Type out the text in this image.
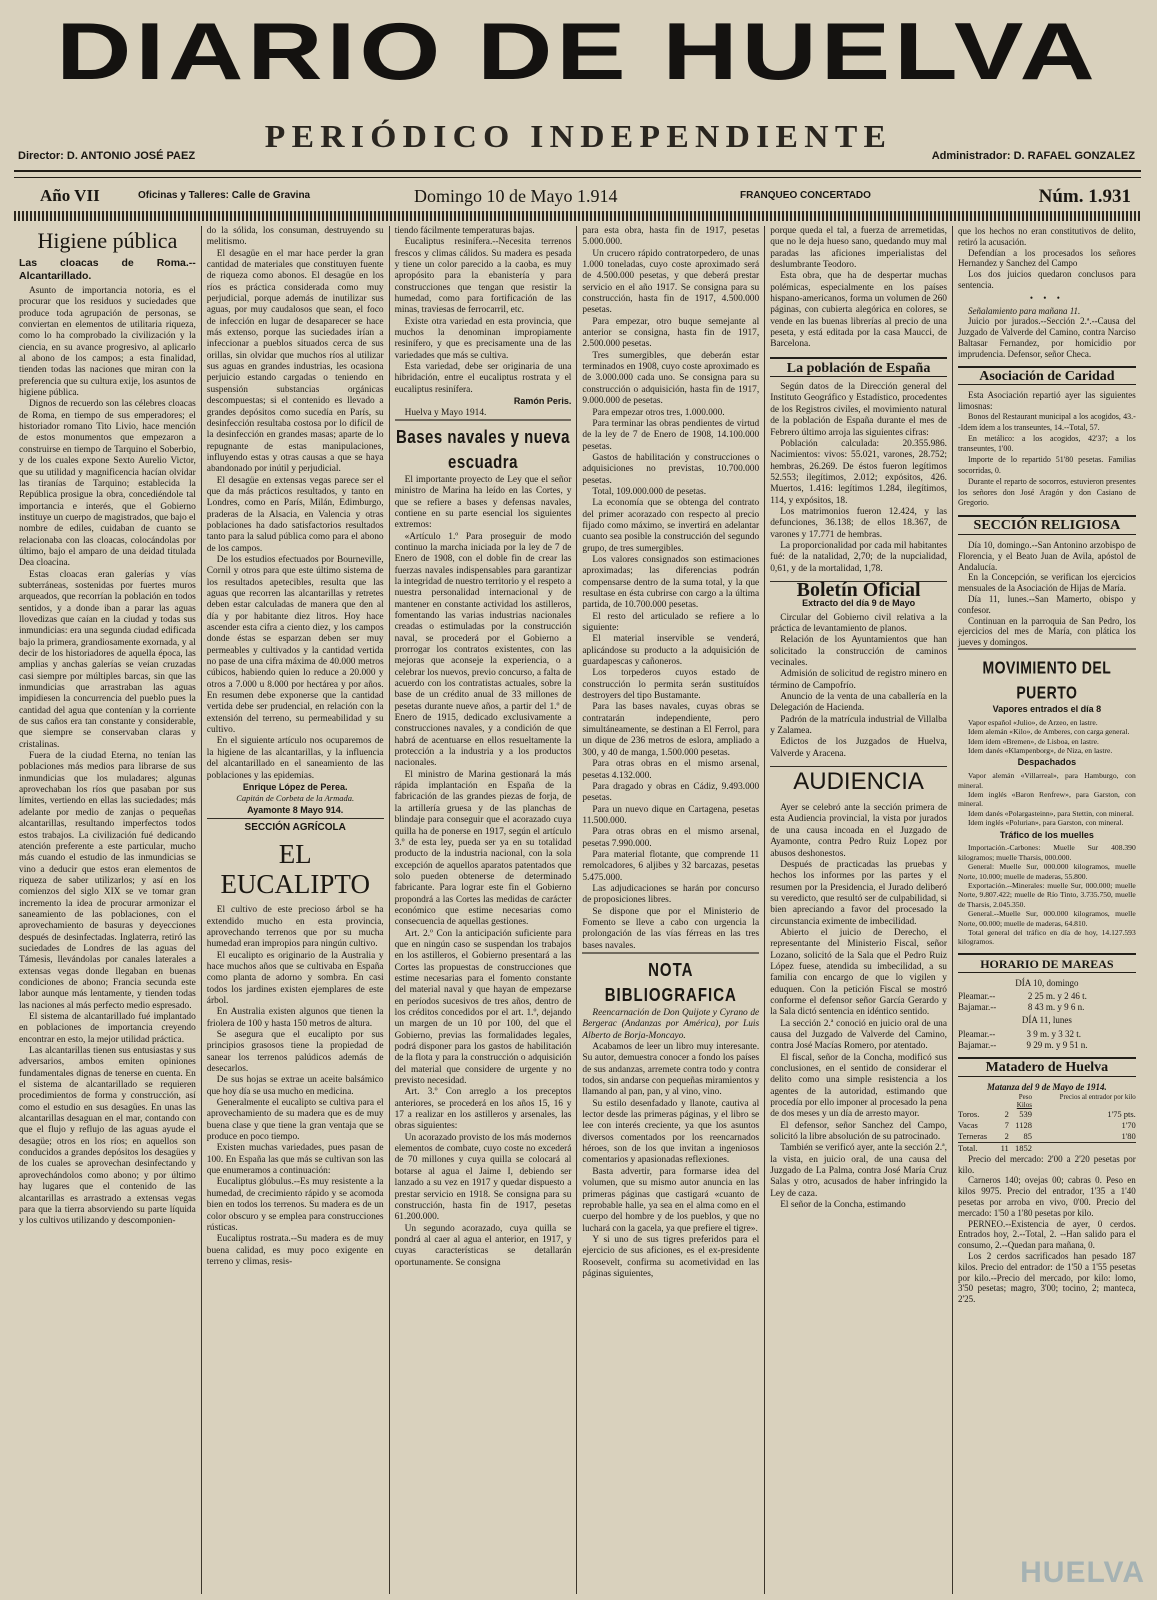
DIARIO DE HUELVA
PERIÓDICO INDEPENDIENTE
Director: D. ANTONIO JOSÉ PAEZ	Administrador: D. RAFAEL GONZALEZ
Año VII	Oficinas y Talleres: Calle de Gravina	Domingo 10 de Mayo 1.914	FRANQUEO CONCERTADO	Núm. 1.931
Higiene pública
Las cloacas de Roma.--Alcantarillado.

Asunto de importancia notoria, es el procurar que los residuos y suciedades que produce toda agrupación de personas, se conviertan en elementos de utilitaria riqueza, como lo ha comprobado la civilización y la ciencia, en su avance progresivo, al aplicarlo al abono de los campos; a esta finalidad, tienden todas las naciones que miran con la preferencia que su cultura exije, los asuntos de higiene pública.

Dignos de recuerdo son las célebres cloacas de Roma, en tiempo de sus emperadores; el historiador romano Tito Livio, hace mención de estos monumentos que empezaron a construirse en tiempo de Tarquino el Soberbio, y de los cuales expone Sexto Aurelio Victor, que su utilidad y magnificencia hacían olvidar las tiranías de Tarquino; establecida la República prosigue la obra, concediéndole tal importancia e interés, que el Gobierno instituye un cuerpo de magistrados, que bajo el nombre de ediles, cuidaban de cuanto se relacionaba con las cloacas, colocándolas por último, bajo el amparo de una deidad titulada Dea cloacina.

Estas cloacas eran galerías y vías subterráneas, sostenidas por fuertes muros arqueados, que recorrían la población en todos sentidos, y a donde iban a parar las aguas llovedizas que caían en la ciudad y todas sus inmundicias: era una segunda ciudad edificada bajo la primera, grandiosamente exornada, y al decir de los historiadores de aquella época, las amplias y anchas galerías se veían cruzadas casi siempre por múltiples barcas, sin que las inmundicias que arrastraban las aguas impidiesen la concurrencia del pueblo pues la cantidad del agua que contenían y la corriente de sus caños era tan constante y considerable, que siempre se conservaban claras y cristalinas.

Fuera de la ciudad Eterna, no tenían las poblaciones más medios para librarse de sus inmundicias que los muladares; algunas aprovechaban los ríos que pasaban por sus límites, vertiendo en ellas las suciedades; más adelante por medio de zanjas o pequeñas alcantarillas, resultando imperfectos todos estos trabajos. La civilización fué dedicando atención preferente a este particular, mucho más cuando el estudio de las inmundicias se vino a deducir que estos eran elementos de riqueza de saber utilizarlos; y así en los comienzos del siglo XIX se ve tomar gran incremento la idea de procurar armonizar el saneamiento de las poblaciones, con el aprovechamiento de basuras y deyecciones después de desinfectadas. Inglaterra, retiró las suciedades de Londres de las aguas del Támesis, llevándolas por canales laterales a extensas vegas donde llegaban en buenas condiciones de abono; Francia secunda este labor aunque más lentamente, y tienden todas las naciones al más perfecto medio espresado.

El sistema de alcantarillado fué implantado en poblaciones de importancia creyendo encontrar en esto, la mejor utilidad práctica.

Las alcantarillas tienen sus entusiastas y sus adversarios, ambos emiten opiniones fundamentales dignas de tenerse en cuenta. En el sistema de alcantarillado se requieren procedimientos de forma y construcción, así como el estudio en sus desagües. En unas las alcantarillas desaguan en el mar, contando con que el flujo y reflujo de las aguas ayude el desagüe; otros en los ríos; en aquellos son conducidos a grandes depósitos los desagües y de los cuales se aprovechan desinfectando y aprovechándolos como abono; y por último hay lugares que el contenido de las alcantarillas es arrastrado a extensas vegas para que la tierra absorviendo su parte líquida y los cultivos utilizando y descomponien-

do la sólida, los consuman, destruyendo su melitismo.

El desagüe en el mar hace perder la gran cantidad de materiales que constituyen fuente de riqueza como abonos. El desagüe en los ríos es práctica considerada como muy perjudicial, porque además de inutilizar sus aguas, por muy caudalosos que sean, el foco de infección en lugar de desaparecer se hace más extenso, porque las suciedades irían a infeccionar a pueblos situados cerca de sus orillas, sin olvidar que muchos ríos al utilizar sus aguas en grandes industrias, les ocasiona perjuicio estando cargadas o teniendo en suspensión substancias orgánicas descompuestas; si el contenido es llevado a grandes depósitos como sucedía en París, su desinfección resultaba costosa por lo difícil de la desinfección en grandes masas; aparte de lo repugnante de estas manipulaciones, influyendo estas y otras causas a que se haya abandonado por inútil y perjudicial.

El desagüe en extensas vegas parece ser el que da más prácticos resultados, y tanto en Londres, como en París, Milán, Edimburgo, praderas de la Alsacia, en Valencia y otras poblaciones ha dado satisfactorios resultados tanto para la salud pública como para el abono de los campos.

De los estudios efectuados por Bourneville, Cornil y otros para que este último sistema de los resultados apetecibles, resulta que las aguas que recorren las alcantarillas y retretes deben estar calculadas de manera que den al día y por habitante diez litros. Hoy hace ascender esta cifra a ciento diez, y los campos donde éstas se esparzan deben ser muy permeables y cultivados y la cantidad vertida no pase de una cifra máxima de 40.000 metros cúbicos, habiendo quien lo reduce a 20.000 y otros a 7.000 u 8.000 por hectárea y por años. En resumen debe exponerse que la cantidad vertida debe ser prudencial, en relación con la extensión del terreno, su permeabilidad y su cultivo.

En el siguiente artículo nos ocuparemos de la higiene de las alcantarillas, y la influencia del alcantarillado en el saneamiento de las poblaciones y las epidemias.

Enrique López de Perea.

Capitán de Corbeta de la Armada.

Ayamonte 8 Mayo 914.

SECCIÓN AGRÍCOLA
EL EUCALIPTO

El cultivo de este precioso árbol se ha extendido mucho en esta provincia, aprovechando terrenos que por su mucha humedad eran impropios para ningún cultivo.

El eucalipto es originario de la Australia y hace muchos años que se cultivaba en España como planta de adorno y sombra. En casi todos los jardines existen ejemplares de este árbol.

En Australia existen algunos que tienen la friolera de 100 y hasta 150 metros de altura.

Se asegura que el eucalipto por sus principios grasosos tiene la propiedad de sanear los terrenos palúdicos además de desecarlos.

De sus hojas se extrae un aceite balsámico que hoy día se usa mucho en medicina.

Generalmente el eucalipto se cultiva para el aprovechamiento de su madera que es de muy buena clase y que tiene la gran ventaja que se produce en poco tiempo.

Existen muchas variedades, pues pasan de 100. En España las que más se cultivan son las que enumeramos a continuación:

Eucaliptus glóbulus.--Es muy resistente a la humedad, de crecimiento rápido y se acomoda bien en todos los terrenos. Su madera es de un color obscuro y se emplea para construcciones rústicas.

Eucaliptus rostrata.--Su madera es de muy buena calidad, es muy poco exigente en terreno y climas, resis-

tiendo fácilmente temperaturas bajas.

Eucaliptus resinífera.--Necesita terrenos frescos y climas cálidos. Su madera es pesada y tiene un color parecido a la caoba, es muy apropósito para la ebanistería y para construcciones que tengan que resistir la humedad, como para fortificación de las minas, traviesas de ferrocarril, etc.

Existe otra variedad en esta provincia, que muchos la denominan impropiamente resinífero, y que es precisamente una de las variedades que más se cultiva.

Esta variedad, debe ser originaria de una hibridación, entre el eucaliptus rostrata y el eucaliptus resinífera.

Ramón Peris.

Huelva y Mayo 1914.

Bases navales y nueva escuadra

El importante proyecto de Ley que el señor ministro de Marina ha leído en las Cortes, y que se refiere a bases y defensas navales, contiene en su parte esencial los siguientes extremos:

«Artículo 1.º Para proseguir de modo continuo la marcha iniciada por la ley de 7 de Enero de 1908, con el doble fin de crear las fuerzas navales indispensables para garantizar la integridad de nuestro territorio y el respeto a nuestra personalidad internacional y de mantener en constante actividad los astilleros, fomentando las varias industrias nacionales creadas o estimuladas por la construcción naval, se procederá por el Gobierno a prorrogar los contratos existentes, con las mejoras que aconseje la experiencia, o a celebrar los nuevos, previo concurso, a falta de acuerdo con los contratistas actuales, sobre la base de un crédito anual de 33 millones de pesetas durante nueve años, a partir del 1.º de Enero de 1915, dedicado exclusivamente a construcciones navales, y a condición de que habrá de acentuarse en ellos resueltamente la protección a la industria y a los productos nacionales.

El ministro de Marina gestionará la más rápida implantación en España de la fabricación de las grandes piezas de forja, de la artillería gruesa y de las planchas de blindaje para conseguir que el acorazado cuya quilla ha de ponerse en 1917, según el artículo 3.º de esta ley, pueda ser ya en su totalidad producto de la industria nacional, con la sola excepción de aquellos aparatos patentados que solo pueden obtenerse de determinado fabricante. Para lograr este fin el Gobierno propondrá a las Cortes las medidas de carácter económico que estime necesarias como consecuencia de aquellas gestiones.

Art. 2.º Con la anticipación suficiente para que en ningún caso se suspendan los trabajos en los astilleros, el Gobierno presentará a las Cortes las propuestas de construcciones que estime necesarias para el fomento constante del material naval y que hayan de empezarse en períodos sucesivos de tres años, dentro de los créditos concedidos por el art. 1.º, dejando un margen de un 10 por 100, del que el Gobierno, previas las formalidades legales, podrá disponer para los gastos de habilitación de la flota y para la construcción o adquisición del material que considere de urgente y no previsto necesidad.

Art. 3.º Con arreglo a los preceptos anteriores, se procederá en los años 15, 16 y 17 a realizar en los astilleros y arsenales, las obras siguientes:

Un acorazado provisto de los más modernos elementos de combate, cuyo coste no excederá de 70 millones y cuya quilla se colocará al botarse al agua el Jaime I, debiendo ser lanzado a su vez en 1917 y quedar dispuesto a prestar servicio en 1918. Se consigna para su construcción, hasta fin de 1917, pesetas 61.200.000.

Un segundo acorazado, cuya quilla se pondrá al caer al agua el anterior, en 1917, y cuyas características se detallarán oportunamente. Se consigna

para esta obra, hasta fin de 1917, pesetas 5.000.000.

Un crucero rápido contratorpedero, de unas 1.000 toneladas, cuyo coste aproximado será de 4.500.000 pesetas, y que deberá prestar servicio en el año 1917. Se consigna para su construcción, hasta fin de 1917, 4.500.000 pesetas.

Para empezar, otro buque semejante al anterior se consigna, hasta fin de 1917, 2.500.000 pesetas.

Tres sumergibles, que deberán estar terminados en 1908, cuyo coste aproximado es de 3.000.000 cada uno. Se consigna para su construcción o adquisición, hasta fin de 1917, 9.000.000 de pesetas.

Para empezar otros tres, 1.000.000.

Para terminar las obras pendientes de virtud de la ley de 7 de Enero de 1908, 14.100.000 pesetas.

Gastos de habilitación y construcciones o adquisiciones no previstas, 10.700.000 pesetas.

Total, 109.000.000 de pesetas.

La economía que se obtenga del contrato del primer acorazado con respecto al precio fijado como máximo, se invertirá en adelantar cuanto sea posible la construcción del segundo grupo, de tres sumergibles.

Los valores consignados son estimaciones aproximadas; las diferencias podrán compensarse dentro de la suma total, y la que resultase en ésta cubrirse con cargo a la última partida, de 10.700.000 pesetas.

El resto del articulado se refiere a lo siguiente:

El material inservible se venderá, aplicándose su producto a la adquisición de guardapescas y cañoneros.

Los torpederos cuyos estado de construcción lo permita serán sustituídos destroyers del tipo Bustamante.

Para las bases navales, cuyas obras se contratarán independiente, pero simultáneamente, se destinan a El Ferrol, para un dique de 236 metros de eslora, ampliado a 300, y 40 de manga, 1.500.000 pesetas.

Para otras obras en el mismo arsenal, pesetas 4.132.000.

Para dragado y obras en Cádiz, 9.493.000 pesetas.

Para un nuevo dique en Cartagena, pesetas 11.500.000.

Para otras obras en el mismo arsenal, pesetas 7.990.000.

Para material flotante, que comprende 11 remolcadores, 6 aljibes y 32 barcazas, pesetas 5.475.000.

Las adjudicaciones se harán por concurso de proposiciones libres.

Se dispone que por el Ministerio de Fomento se lleve a cabo con urgencia la prolongación de las vías férreas en las tres bases navales.

NOTA BIBLIOGRAFICA

Reencarnación de Don Quijote y Cyrano de Bergerac (Andanzas por América), por Luis Alberto de Borja-Moncayo.

Acabamos de leer un libro muy interesante. Su autor, demuestra conocer a fondo los países de sus andanzas, arremete contra todo y contra todos, sin andarse con pequeñas miramientos y llamando al pan, pan, y al vino, vino.

Su estilo desenfadado y llanote, cautiva al lector desde las primeras páginas, y el libro se lee con interés creciente, ya que los asuntos diversos comentados por los reencarnados héroes, son de los que invitan a ingeniosos comentarios y apasionadas reflexiones.

Basta advertir, para formarse idea del volumen, que su mismo autor anuncia en las primeras páginas que castigará «cuanto de reprobable halle, ya sea en el alma como en el cuerpo del hombre y de los pueblos, y que no luchará con la gacela, ya que prefiere el tigre».

Y si uno de sus tigres preferidos para el ejercicio de sus aficiones, es el ex-presidente Roosevelt, confirma su acometividad en las páginas siguientes,

porque queda el tal, a fuerza de arremetidas, que no le deja hueso sano, quedando muy mal paradas las aficiones imperialistas del deslumbrante Teodoro.

Esta obra, que ha de despertar muchas polémicas, especialmente en los países hispano-americanos, forma un volumen de 260 páginas, con cubierta alegórica en colores, se vende en las buenas librerías al precio de una peseta, y está editada por la casa Maucci, de Barcelona.

La población de España

Según datos de la Dirección general del Instituto Geográfico y Estadístico, procedentes de los Registros civiles, el movimiento natural de la población de España durante el mes de Febrero último arroja las siguientes cifras:

Población calculada: 20.355.986. Nacimientos: vivos: 55.021, varones, 28.752; hembras, 26.269. De éstos fueron legítimos 52.553; ilegítimos, 2.012; expósitos, 426. Muertos, 1.416: legítimos 1.284, ilegítimos, 114, y expósitos, 18.

Los matrimonios fueron 12.424, y las defunciones, 36.138; de ellos 18.367, de varones y 17.771 de hembras.

La proporcionalidad por cada mil habitantes fué: de la natalidad, 2,70; de la nupcialidad, 0,61, y de la mortalidad, 1,78.

Boletín Oficial
Extracto del día 9 de Mayo

Circular del Gobierno civil relativa a la práctica de levantamiento de planos.

Relación de los Ayuntamientos que han solicitado la construcción de caminos vecinales.

Admisión de solicitud de registro minero en término de Campofrío.

Anuncio de la venta de una caballería en la Delegación de Hacienda.

Padrón de la matrícula industrial de Villalba y Zalamea.

Edictos de los Juzgados de Huelva, Valverde y Aracena.

AUDIENCIA

Ayer se celebró ante la sección primera de esta Audiencia provincial, la vista por jurados de una causa incoada en el Juzgado de Ayamonte, contra Pedro Ruiz Lopez por abusos deshonestos.

Después de practicadas las pruebas y hechos los informes por las partes y el resumen por la Presidencia, el Jurado deliberó su veredicto, que resultó ser de culpabilidad, si bien apreciando a favor del procesado la circunstancia eximente de imbecilidad.

Abierto el juicio de Derecho, el representante del Ministerio Fiscal, señor Lozano, solicitó de la Sala que el Pedro Ruiz López fuese, atendida su imbecilidad, a su familia con encargo de que lo vigilen y eduquen. Con la petición Fiscal se mostró conforme el defensor señor García Gerardo y la Sala dictó sentencia en idéntico sentido.

La sección 2.ª conoció en juicio oral de una causa del Juzgado de Valverde del Camino, contra José Macías Romero, por atentado.

El fiscal, señor de la Concha, modificó sus conclusiones, en el sentido de considerar el delito como una simple resistencia a los agentes de la autoridad, estimando que procedía por ello imponer al procesado la pena de dos meses y un día de arresto mayor.

El defensor, señor Sanchez del Campo, solicitó la libre absolución de su patrocinado.

También se verificó ayer, ante la sección 2.ª, la vista, en juicio oral, de una causa del Juzgado de La Palma, contra José María Cruz Salas y otro, acusados de haber infringido la Ley de caza.

El señor de la Concha, estimando

que los hechos no eran constitutivos de delito, retiró la acusación.

Defendían a los procesados los señores Hernandez y Sanchez del Campo

Los dos juicios quedaron conclusos para sentencia.

• • •

Señalamiento para mañana 11.

Juicio por jurados.--Sección 2.ª.--Causa del Juzgado de Valverde del Camino, contra Narciso Baltasar Fernandez, por homicidio por imprudencia. Defensor, señor Checa.

Asociación de Caridad

Esta Asociación repartió ayer las siguientes limosnas:

Bonos del Restaurant municipal a los acogidos, 43.--Idem ídem a los transeuntes, 14.--Total, 57.

En metálico: a los acogidos, 42'37; a los transeuntes, 1'00.

Importe de lo repartido 51'80 pesetas. Familias socorridas, 0.

Durante el reparto de socorros, estuvieron presentes los señores don José Aragón y don Casiano de Gregorio.

SECCIÓN RELIGIOSA

Día 10, domingo.--San Antonino arzobispo de Florencia, y el Beato Juan de Avila, apóstol de Andalucía.

En la Concepción, se verifican los ejercicios mensuales de la Asociación de Hijas de María.

Día 11, lunes.--San Mamerto, obispo y confesor.

Continuan en la parroquia de San Pedro, los ejercicios del mes de María, con plática los jueves y domingos.

MOVIMIENTO DEL PUERTO
Vapores entrados el día 8

Vapor español «Julio», de Arzeo, en lastre.

Idem alemán «Kilo», de Amberes, con carga general.

Idem ídem «Bremen», de Lisboa, en lastre.

Idem danés «Klampenborg», de Niza, en lastre.

Despachados

Vapor alemán «Villarreal», para Hamburgo, con mineral.

Idem inglés «Baron Renfrew», para Garston, con mineral.

Idem danés «Polargasteinn», para Stettin, con mineral.

Idem inglés «Polurian», para Garston, con mineral.

Tráfico de los muelles

Importación.-Carbones: Muelle Sur 408.390 kilogramos; muelle Tharsis, 000.000.

General: Muelle Sur, 000.000 kilogramos, muelle Norte, 10.000; muelle de maderas, 55.800.

Exportación.--Minerales: muelle Sur, 000.000; muelle Norte, 9.807.422; muelle de Río Tinto, 3.735.750, muelle de Tharsis, 2.045.350.

General.--Muelle Sur, 000.000 kilogramos, muelle Norte, 00.000; muelle de maderas, 64.810.

Total general del tráfico en día de hoy, 14.127.593 kilogramos.

HORARIO DE MAREAS
DÍA 10, domingo
Pleamar.--	2 25 m. y 2 46 t.
Bajamar.--	8 43 m. y 9 6 n.
DÍA 11, lunes
Pleamar.--	3 9 m. y 3 32 t.
Bajamar.--	9 29 m. y 9 51 n.
Matadero de Huelva

Matanza del 9 de Mayo de 1914.

		Peso	Precios al entrador por kilo
		Kilos	
Toros.	2	539	1'75 pts.
Vacas	7	1128	1'70
Terneras	2	85	1'80
Total.	11	1852	

Precio del mercado: 2'00 a 2'20 pesetas por kilo.

Carneros 140; ovejas 00; cabras 0. Peso en kilos 9975. Precio del entrador, 1'35 a 1'40 pesetas por arroba en vivo, 0'00. Precio del mercado: 1'50 a 1'80 pesetas por kilo.

PERNEO.--Existencia de ayer, 0 cerdos. Entrados hoy, 2.--Total, 2. --Han salido para el consumo, 2.--Quedan para mañana, 0.

Los 2 cerdos sacrificados han pesado 187 kilos. Precio del entrador: de 1'50 a 1'55 pesetas por kilo.--Precio del mercado, por kilo: lomo, 3'50 pesetas; magro, 3'00; tocino, 2; manteca, 2'25.

HUELVA
